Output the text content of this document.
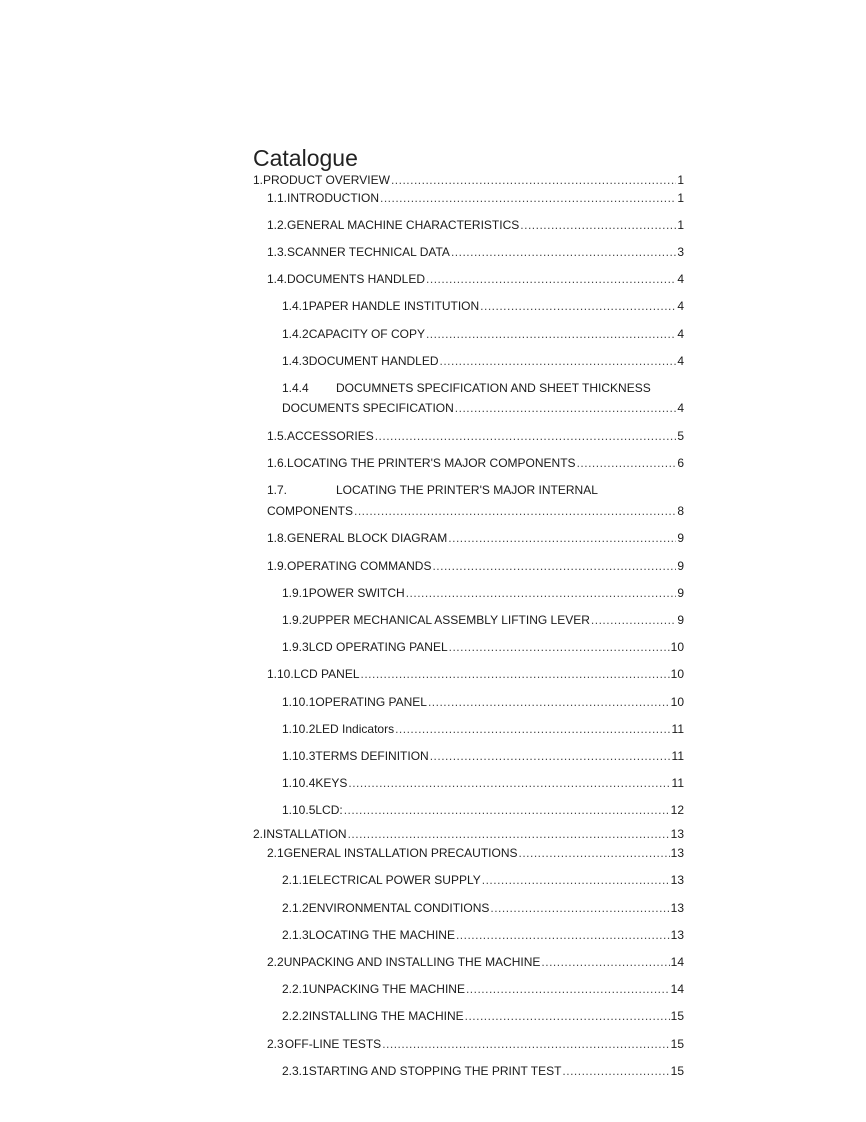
Catalogue
1. PRODUCT OVERVIEW .....	1
1.1. INTRODUCTION .....	1
1.2. GENERAL MACHINE CHARACTERISTICS .....	1
1.3. SCANNER TECHNICAL DATA .....	3
1.4. DOCUMENTS HANDLED .....	4
1.4.1 PAPER HANDLE INSTITUTION .....	4
1.4.2 CAPACITY OF COPY .....	4
1.4.3 DOCUMENT HANDLED .....	4
1.4.4 DOCUMNETS SPECIFICATION AND SHEET THICKNESS
DOCUMENTS SPECIFICATION .....	4
1.5. ACCESSORIES .....	5
1.6. LOCATING THE PRINTER'S MAJOR COMPONENTS .....	6
1.7.	LOCATING THE PRINTER'S MAJOR INTERNAL
COMPONENTS .....	8
1.8. GENERAL BLOCK DIAGRAM .....	9
1.9. OPERATING COMMANDS .....	9
1.9.1 POWER SWITCH .....	9
1.9.2 UPPER MECHANICAL ASSEMBLY LIFTING LEVER .....	9
1.9.3 LCD OPERATING PANEL .....	10
1.10. LCD PANEL .....	10
1.10.1 OPERATING PANEL .....	10
1.10.2 LED Indicators .....	11
1.10.3 TERMS DEFINITION .....	11
1.10.4 KEYS .....	11
1.10.5 LCD: .....	12
2. INSTALLATION .....	13
2.1 GENERAL INSTALLATION PRECAUTIONS .....	13
2.1.1 ELECTRICAL POWER SUPPLY .....	13
2.1.2 ENVIRONMENTAL CONDITIONS .....	13
2.1.3 LOCATING THE MACHINE .....	13
2.2 UNPACKING AND INSTALLING THE MACHINE .....	14
2.2.1 UNPACKING THE MACHINE .....	14
2.2.2 INSTALLING THE MACHINE .....	15
2.3 OFF-LINE TESTS .....	15
2.3.1 STARTING AND STOPPING THE PRINT TEST .....	15
